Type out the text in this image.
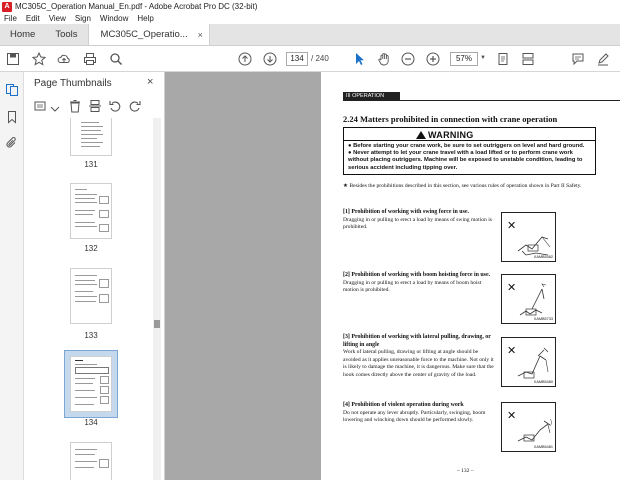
A MC305C_Operation Manual_En.pdf - Adobe Acrobat Pro DC (32-bit)
File Edit View Sign Window Help
Home	Tools	MC305C_Operatio... ×
134 / 240	57%	▼
Page Thumbnails	×
131
132
133
134
III OPERATION
2.24 Matters prohibited in connection with crane operation
WARNING
● Before starting your crane work, be sure to set outriggers on level and hard ground.
● Never attempt to let your crane travel with a load lifted or to perform crane work without placing outriggers. Machine will be exposed to unstable condition, leading to serious accident including tipping over.
★ Besides the prohibitions described in this section, see various rules of operation shown in Part II Safety.
[1] Prohibition of working with swing force in use.
Dragging in or pulling to erect a load by means of swing motion is prohibited.	✕
XAMB5482
[2] Prohibition of working with boom hoisting force in use.
Dragging in or pulling to erect a load by means of boom hoist motion is prohibited.	✕
XAMB5733
[3] Prohibition of working with lateral pulling, drawing, or lifting in angle
Work of lateral pulling, drawing or lifting at angle should be avoided as it applies unreasonable force to the machine. Not only it is likely to damage the machine, it is dangerous. Make sure that the hook comes directly above the center of gravity of the load.
✕
XAMB5480
[4] Prohibition of violent operation during work
Do not operate any lever abruptly. Particularly, swinging, boom lowering and winching down should be performed slowly.	✕
XAMB5481
– 132 –
